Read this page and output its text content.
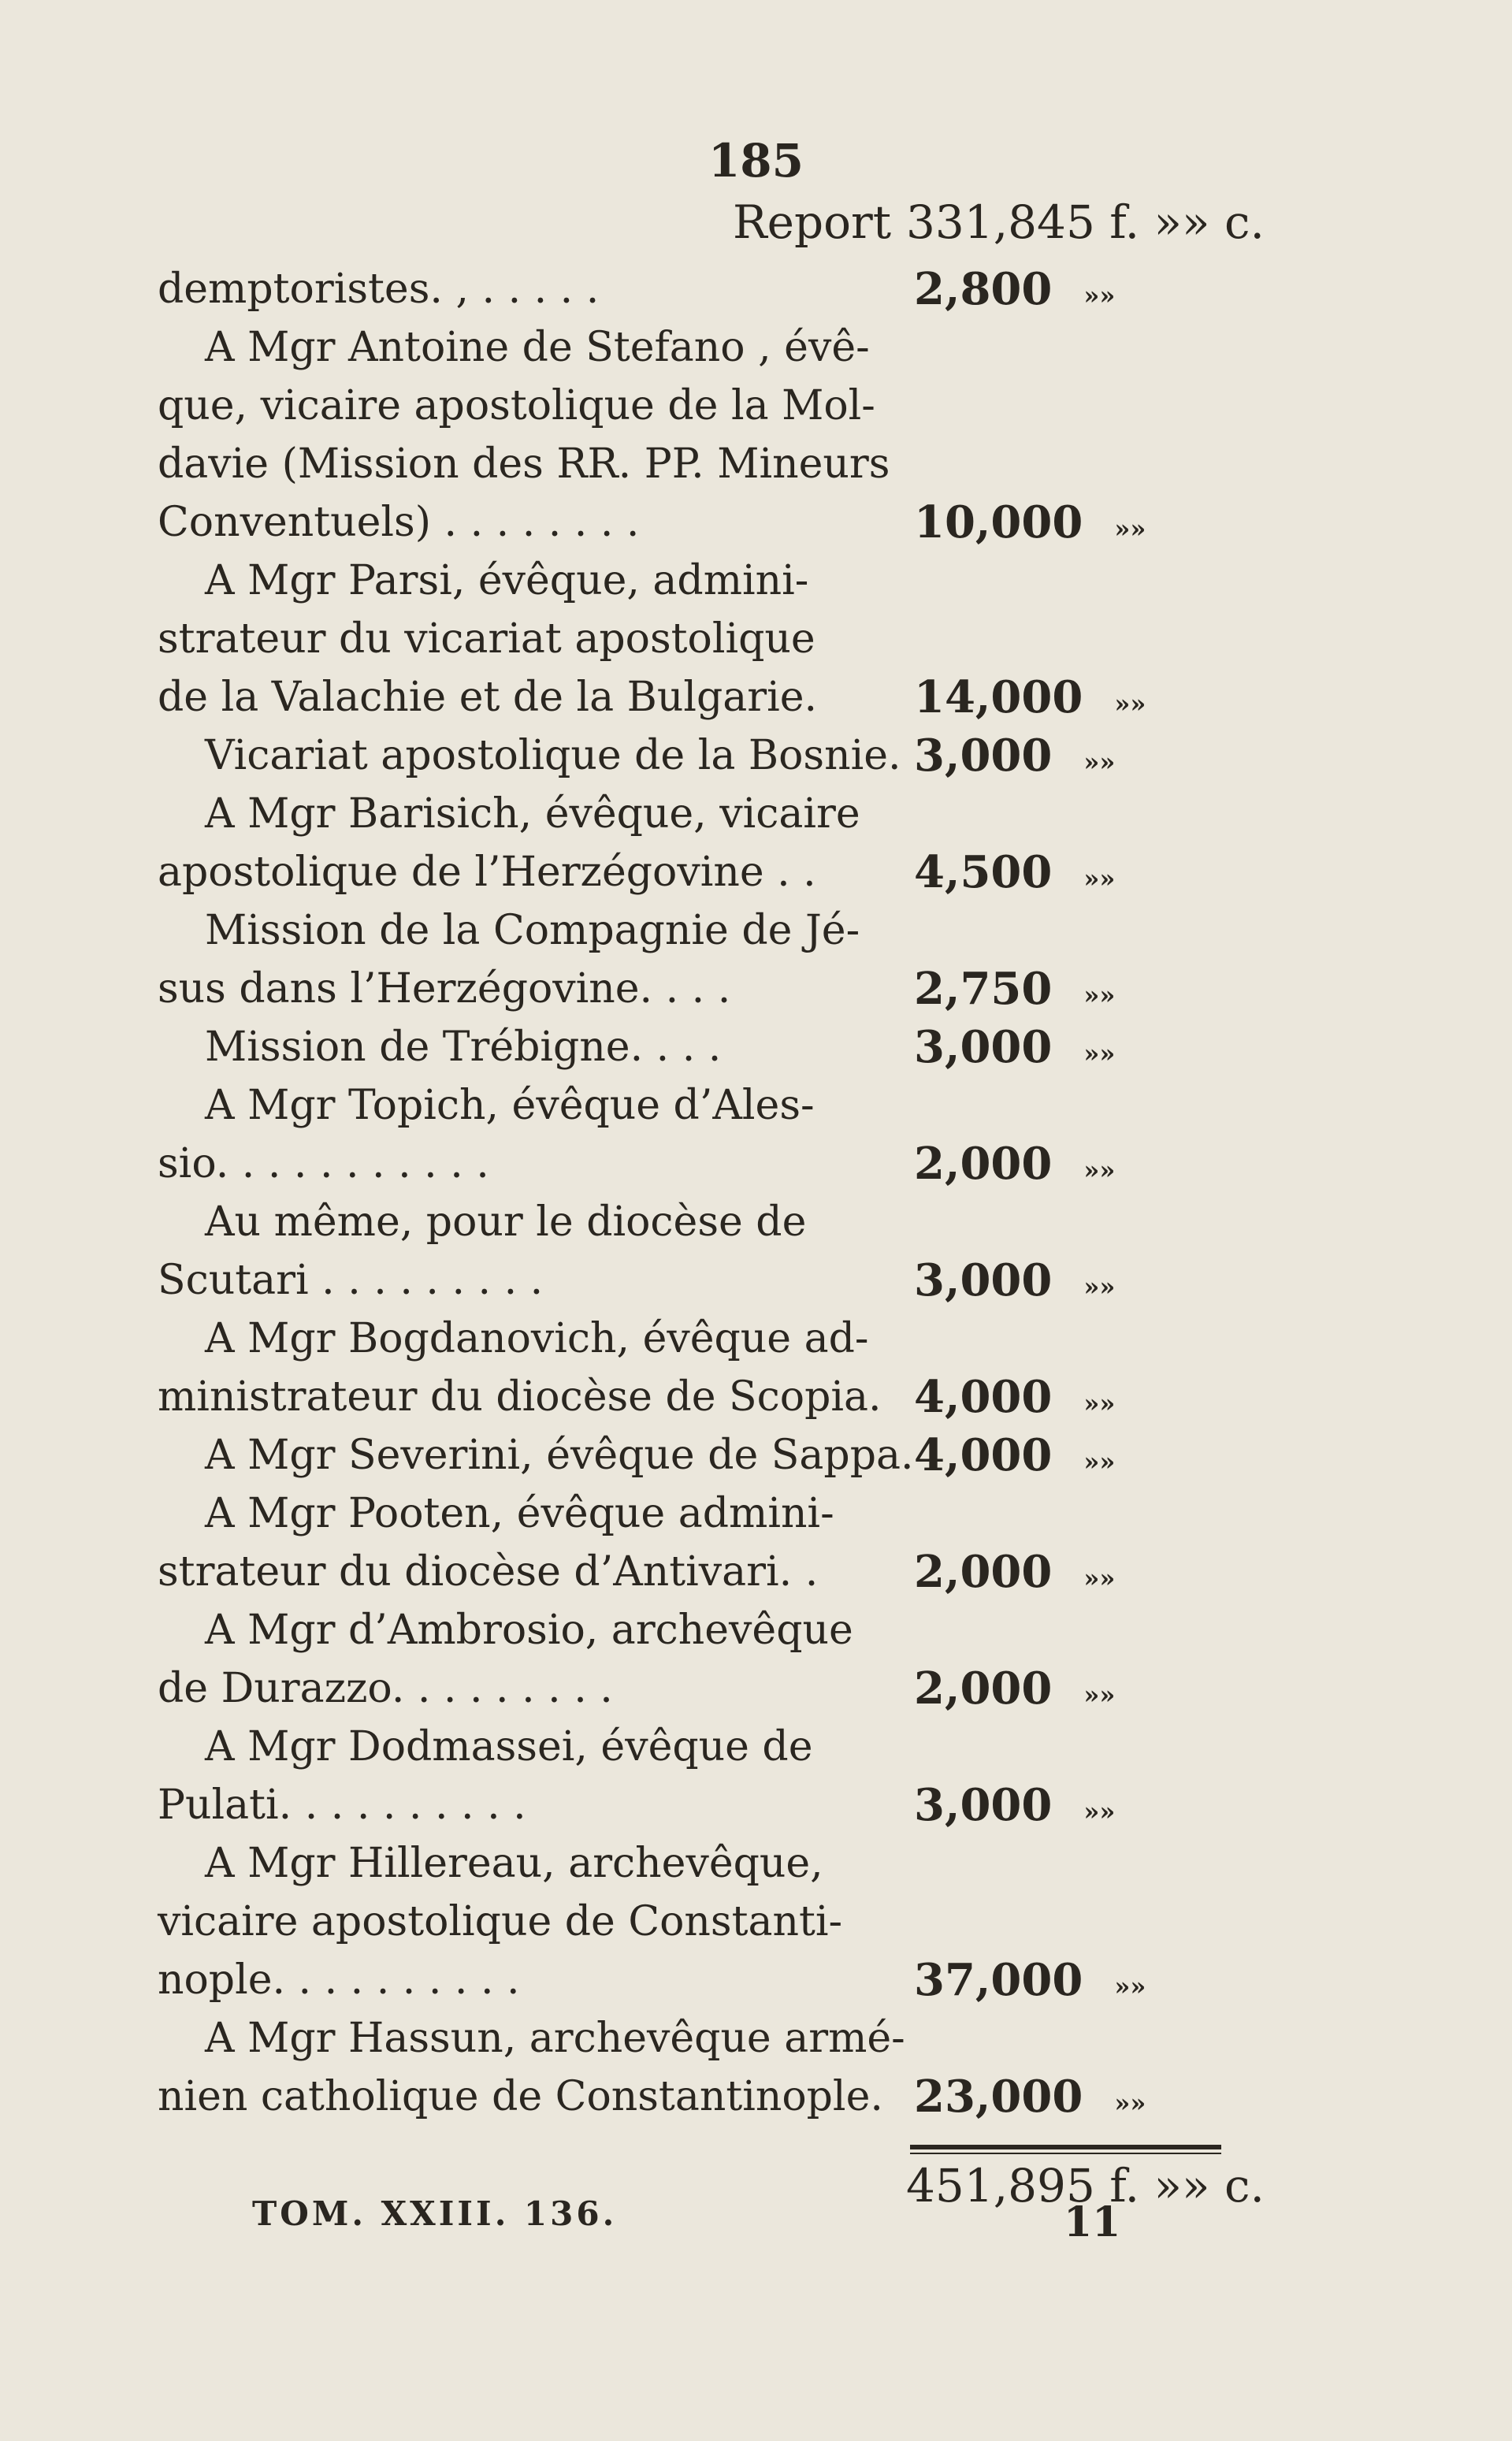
185
Report 331,845 f. »» c.
demptoristes. , . . . . .	2,800 »»
A Mgr Antoine de Stefano , évê-
que, vicaire apostolique de la Mol-
davie (Mission des RR. PP. Mineurs
Conventuels) . . . . . . . .	10,000 »»
A Mgr Parsi, évêque, admini-
strateur du vicariat apostolique
de la Valachie et de la Bulgarie.	14,000 »»
Vicariat apostolique de la Bosnie. 3,000 »»
A Mgr Barisich, évêque, vicaire
apostolique de l’Herzégovine . .	4,500 »»
Mission de la Compagnie de Jé-
sus dans l’Herzégovine. . . .	2,750 »»
Mission de Trébigne. . . .	3,000 »»
A Mgr Topich, évêque d’Ales-
sio. . . . . . . . . . .	2,000 »»
Au même, pour le diocèse de
Scutari . . . . . . . . .	3,000 »»
A Mgr Bogdanovich, évêque ad-
ministrateur du diocèse de Scopia. 4,000 »»
A Mgr Severini, évêque de Sappa. 4,000 »»
A Mgr Pooten, évêque admini-
strateur du diocèse d’Antivari. .	2,000 »»
A Mgr d’Ambrosio, archevêque
de Durazzo. . . . . . . . .	2,000 »»
A Mgr Dodmassei, évêque de
Pulati. . . . . . . . . .	3,000 »»
A Mgr Hillereau, archevêque,
vicaire apostolique de Constanti-
nople. . . . . . . . . .	37,000 »»
A Mgr Hassun, archevêque armé-
nien catholique de Constantinople. 23,000 »»
451,895 f. »» c.
TOM. XXIII. 136.	11
